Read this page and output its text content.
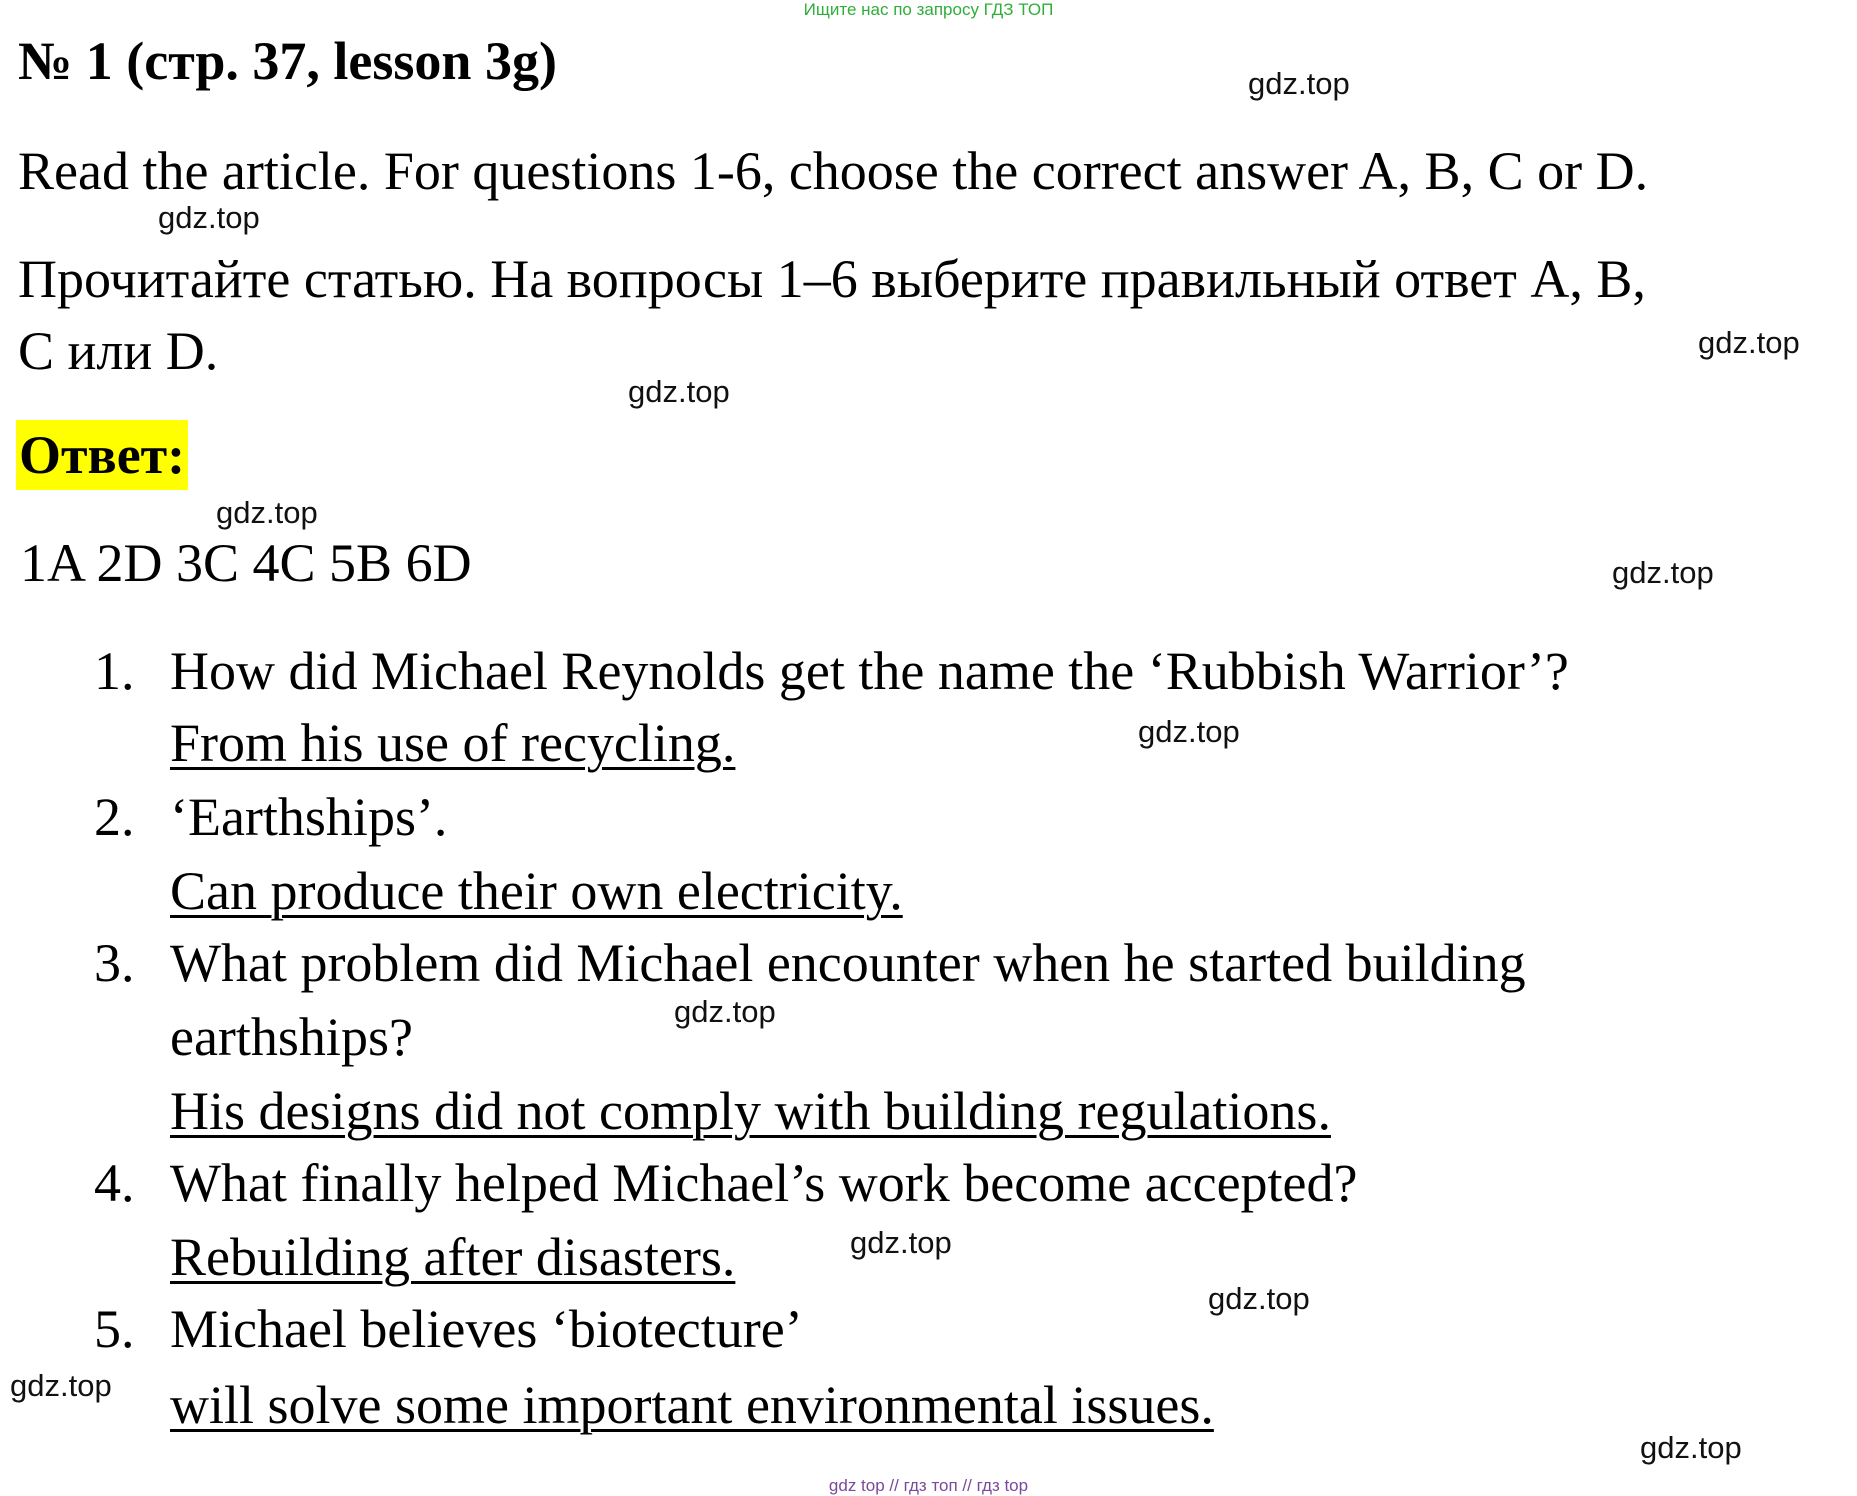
Ищите нас по запросу ГДЗ ТОП
№ 1 (стр. 37, lesson 3g)
Read the article. For questions 1-6, choose the correct answer A, B, C or D.
Прочитайте статью. На вопросы 1–6 выберите правильный ответ А, В,
С или D.
Ответ:
1A 2D 3C 4C 5B 6D
1. How did Michael Reynolds get the name the ‘Rubbish Warrior’?
From his use of recycling.
2. ‘Earthships’.
Can produce their own electricity.
3. What problem did Michael encounter when he started building
earthships?
His designs did not comply with building regulations.
4. What finally helped Michael’s work become accepted?
Rebuilding after disasters.
5. Michael believes ‘biotecture’
will solve some important environmental issues.
gdz.top
gdz.top
gdz.top
gdz.top
gdz.top
gdz.top
gdz.top
gdz.top
gdz.top
gdz.top
gdz.top
gdz.top
gdz top // гдз топ // гдз top
